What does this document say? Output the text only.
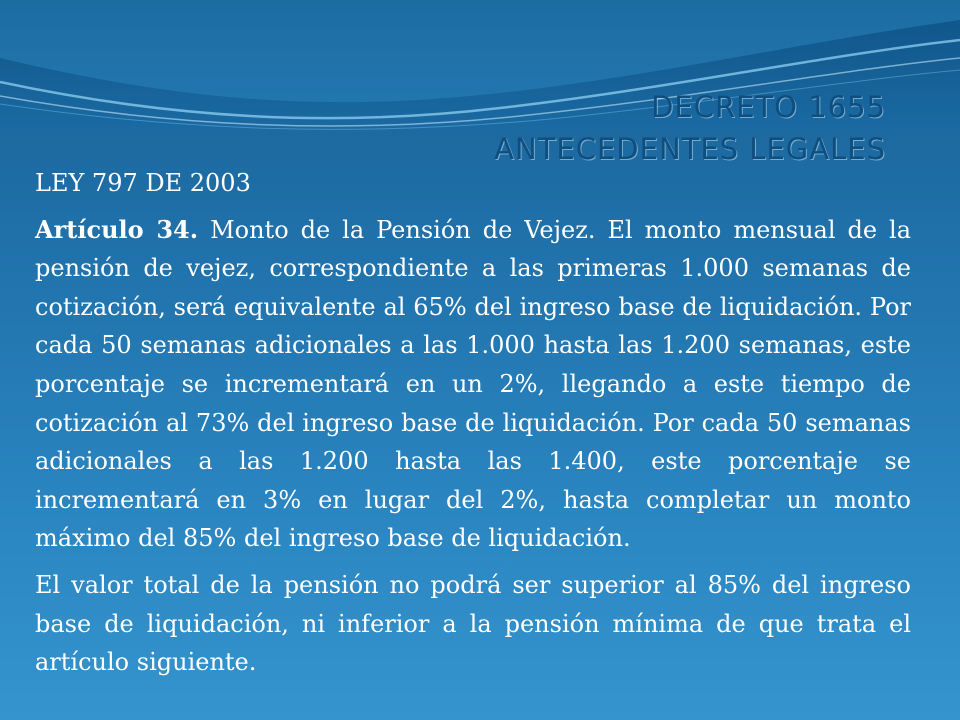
DECRETO 1655
ANTECEDENTES LEGALES
LEY 797 DE 2003
Artículo 34. Monto de la Pensión de Vejez. El monto mensual de la pensión de vejez, correspondiente a las primeras 1.000 semanas de cotización, será equivalente al 65% del ingreso base de liquidación. Por cada 50 semanas adicionales a las 1.000 hasta las 1.200 semanas, este porcentaje se incrementará en un 2%, llegando a este tiempo de cotización al 73% del ingreso base de liquidación. Por cada 50 semanas adicionales a las 1.200 hasta las 1.400, este porcentaje se incrementará en 3% en lugar del 2%, hasta completar un monto máximo del 85% del ingreso base de liquidación.
El valor total de la pensión no podrá ser superior al 85% del ingreso base de liquidación, ni inferior a la pensión mínima de que trata el artículo siguiente.
